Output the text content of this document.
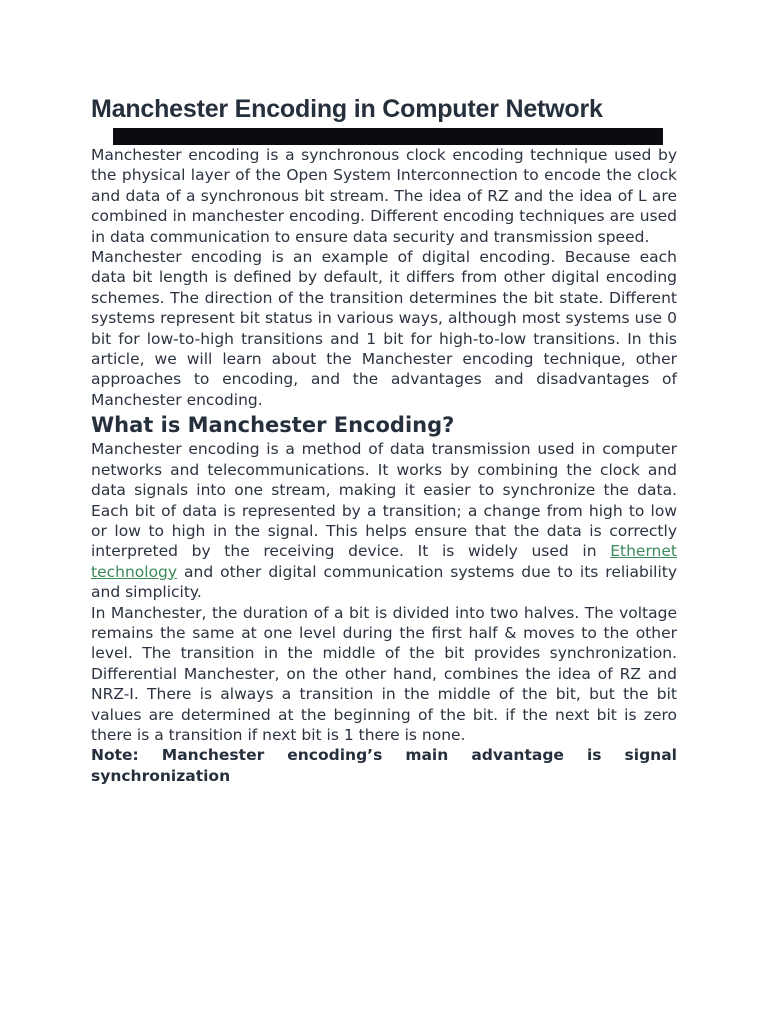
Manchester Encoding in Computer Network

Manchester encoding is a synchronous clock encoding technique used by the physical layer of the Open System Interconnection to encode the clock and data of a synchronous bit stream. The idea of RZ and the idea of L are combined in manchester encoding. Different encoding techniques are used in data communication to ensure data security and transmission speed.

Manchester encoding is an example of digital encoding. Because each data bit length is defined by default, it differs from other digital encoding schemes. The direction of the transition determines the bit state. Different systems represent bit status in various ways, although most systems use 0 bit for low-to-high transitions and 1 bit for high-to-low transitions. In this article, we will learn about the Manchester encoding technique, other approaches to encoding, and the advantages and disadvantages of Manchester encoding.

What is Manchester Encoding?

Manchester encoding is a method of data transmission used in computer networks and telecommunications. It works by combining the clock and data signals into one stream, making it easier to synchronize the data. Each bit of data is represented by a transition; a change from high to low or low to high in the signal. This helps ensure that the data is correctly interpreted by the receiving device. It is widely used in Ethernet technology and other digital communication systems due to its reliability and simplicity.

In Manchester, the duration of a bit is divided into two halves. The voltage remains the same at one level during the first half & moves to the other level. The transition in the middle of the bit provides synchronization. Differential Manchester, on the other hand, combines the idea of RZ and NRZ-I. There is always a transition in the middle of the bit, but the bit values are determined at the beginning of the bit. if the next bit is zero there is a transition if next bit is 1 there is none.

Note: Manchester encoding’s main advantage is signal synchronization
